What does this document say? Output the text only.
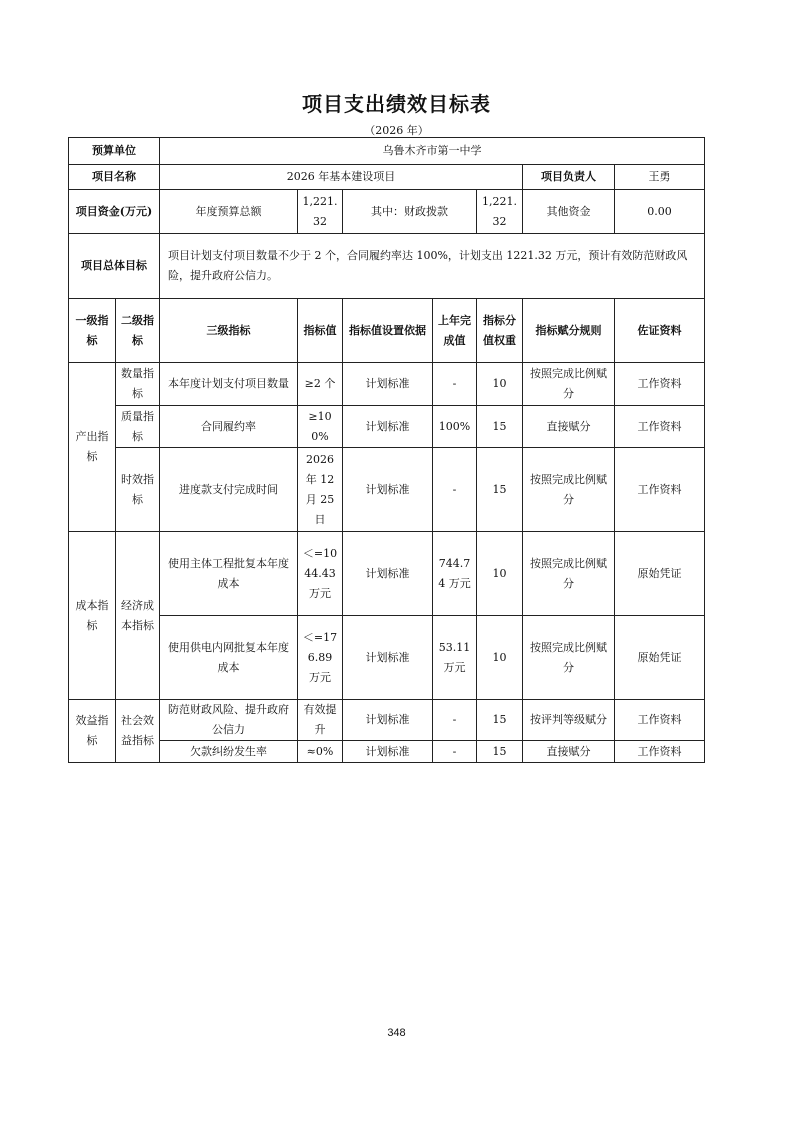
项目支出绩效目标表
（2026 年）
预算单位		乌鲁木齐市第一中学						
项目名称		2026 年基本建设项目					项目负责人	王勇
项目资金(万元)		年度预算总额	1,221.32	其中：财政拨款		1,221.32	其他资金	0.00
项目总体目标		项目计划支付项目数量不少于 2 个，合同履约率达 100%，计划支出 1221.32 万元，预计有效防范财政风险，提升政府公信力。						
一级指标	二级指标	三级指标	指标值	指标值设置依据	上年完成值	指标分值权重	指标赋分规则	佐证资料
产出指标	数量指标	本年度计划支付项目数量	≥2 个	计划标准	-	10	按照完成比例赋分	工作资料
	质量指标	合同履约率	≥100%	计划标准	100%	15	直接赋分	工作资料
	时效指标	进度款支付完成时间	2026 年 12 月 25 日	计划标准	-	15	按照完成比例赋分	工作资料
成本指标	经济成本指标	使用主体工程批复本年度成本	＜=1044.43 万元	计划标准	744.74 万元	10	按照完成比例赋分	原始凭证
		使用供电内网批复本年度成本	＜=176.89 万元	计划标准	53.11 万元	10	按照完成比例赋分	原始凭证
效益指标	社会效益指标	防范财政风险、提升政府公信力	有效提升	计划标准	-	15	按评判等级赋分	工作资料
		欠款纠纷发生率	≈0%	计划标准	-	15	直接赋分	工作资料
348
